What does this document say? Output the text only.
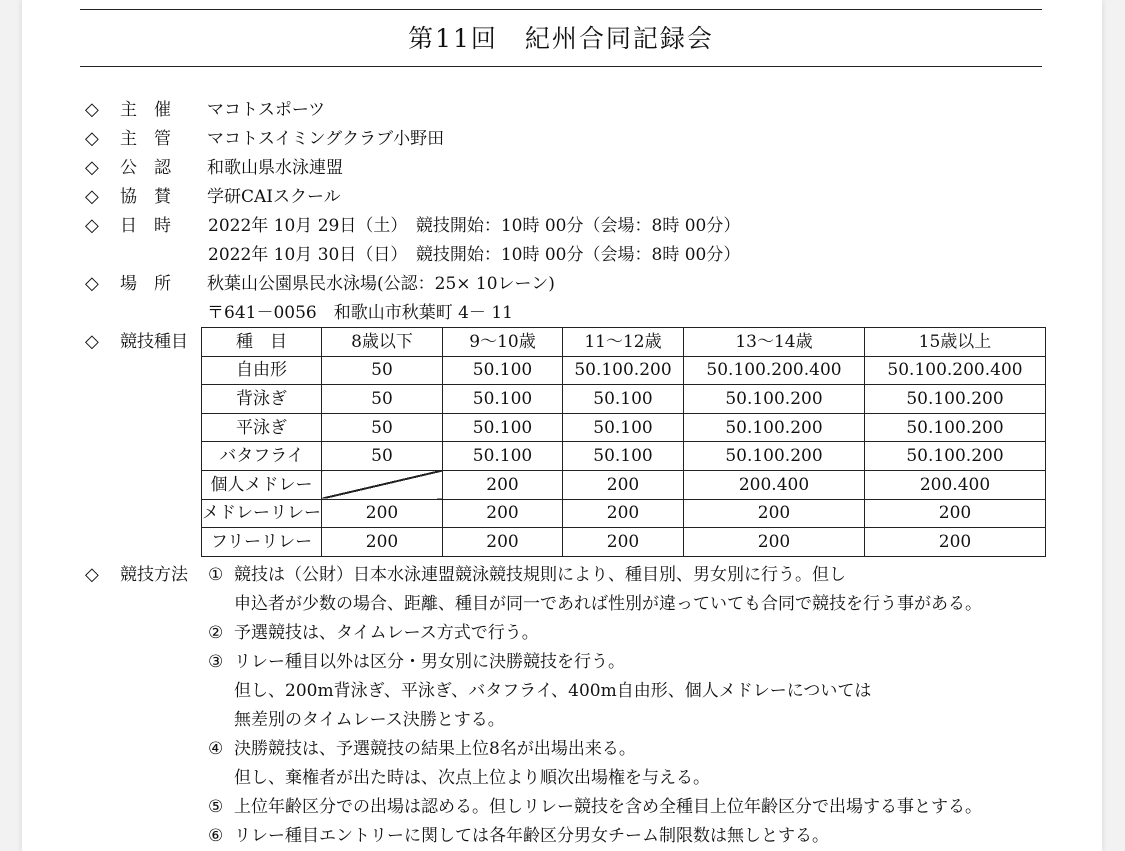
第11回　紀州合同記録会
◇ 主　催 マコトスポーツ
◇ 主　管 マコトスイミングクラブ小野田
◇ 公　認 和歌山県水泳連盟
◇ 協　賛 学研CAIスクール
◇ 日　時 2022年 10月 29日（土）　競技開始：10時 00分（会場：8時 00分）
2022年 10月 30日（日）　競技開始：10時 00分（会場：8時 00分）
◇ 場　所 秋葉山公園県民水泳場(公認：25× 10レーン)
〒641－0056　和歌山市秋葉町 4－ 11
◇ 競技種目	種　目	8歳以下	9～10歳	11～12歳	13～14歳	15歳以上
自由形	50	50.100	50.100.200	50.100.200.400	50.100.200.400
背泳ぎ	50	50.100	50.100	50.100.200	50.100.200
平泳ぎ	50	50.100	50.100	50.100.200	50.100.200
バタフライ	50	50.100	50.100	50.100.200	50.100.200
個人メドレー		200	200	200.400	200.400
メドレーリレー	200	200	200	200	200
フリーリレー	200	200	200	200	200
◇ 競技方法 ① 競技は（公財）日本水泳連盟競泳競技規則により、種目別、男女別に行う。但し
申込者が少数の場合、距離、種目が同一であれば性別が違っていても合同で競技を行う事がある。
② 予選競技は、タイムレース方式で行う。
③ リレー種目以外は区分・男女別に決勝競技を行う。
但し、200m背泳ぎ、平泳ぎ、バタフライ、400m自由形、個人メドレーについては
無差別のタイムレース決勝とする。
④ 決勝競技は、予選競技の結果上位8名が出場出来る。
但し、棄権者が出た時は、次点上位より順次出場権を与える。
⑤ 上位年齢区分での出場は認める。但しリレー競技を含め全種目上位年齢区分で出場する事とする。
⑥ リレー種目エントリーに関しては各年齢区分男女チーム制限数は無しとする。
